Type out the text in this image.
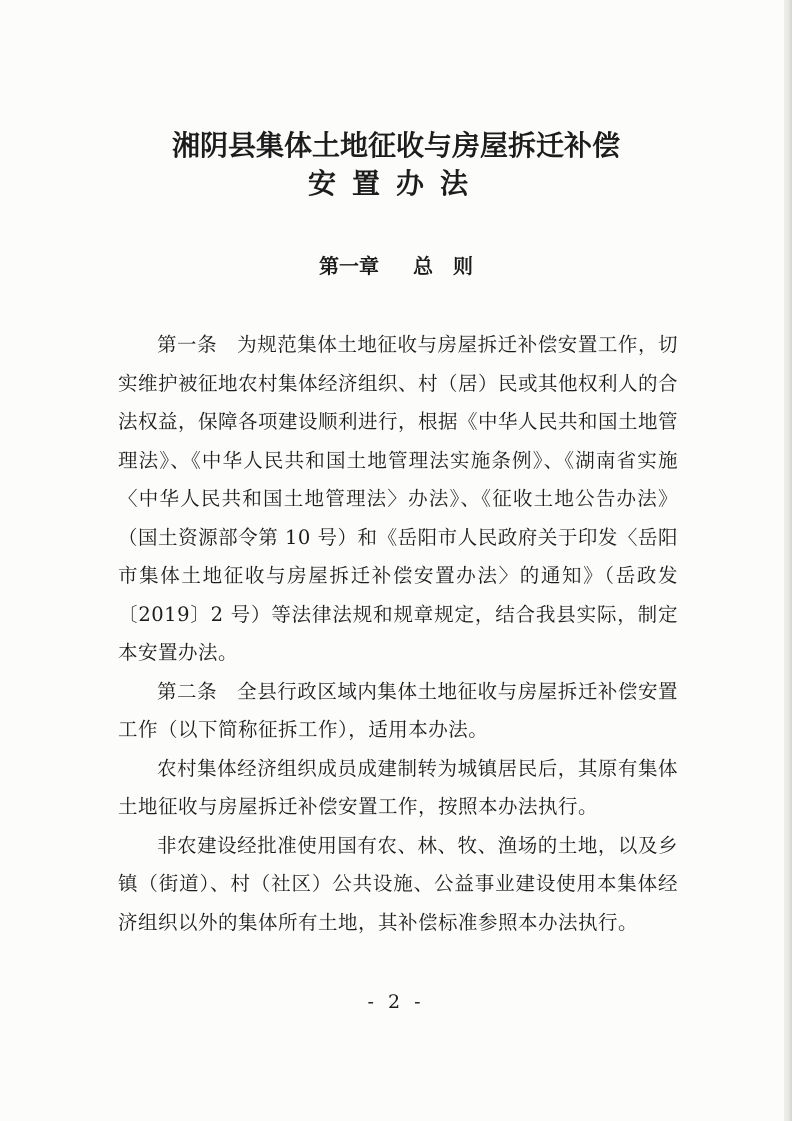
湘阴县集体土地征收与房屋拆迁补偿
安置办法
第一章 总　则

第一条　为规范集体土地征收与房屋拆迁补偿安置工作，切实维护被征地农村集体经济组织、村（居）民或其他权利人的合法权益，保障各项建设顺利进行，根据《中华人民共和国土地管理法》、《中华人民共和国土地管理法实施条例》、《湖南省实施〈中华人民共和国土地管理法〉办法》、《征收土地公告办法》（国土资源部令第 10 号）和《岳阳市人民政府关于印发〈岳阳市集体土地征收与房屋拆迁补偿安置办法〉的通知》（岳政发〔2019〕2 号）等法律法规和规章规定，结合我县实际，制定本安置办法。

第二条　全县行政区域内集体土地征收与房屋拆迁补偿安置工作（以下简称征拆工作），适用本办法。

农村集体经济组织成员成建制转为城镇居民后，其原有集体土地征收与房屋拆迁补偿安置工作，按照本办法执行。

非农建设经批准使用国有农、林、牧、渔场的土地，以及乡镇（街道）、村（社区）公共设施、公益事业建设使用本集体经济组织以外的集体所有土地，其补偿标准参照本办法执行。

- 2 -
